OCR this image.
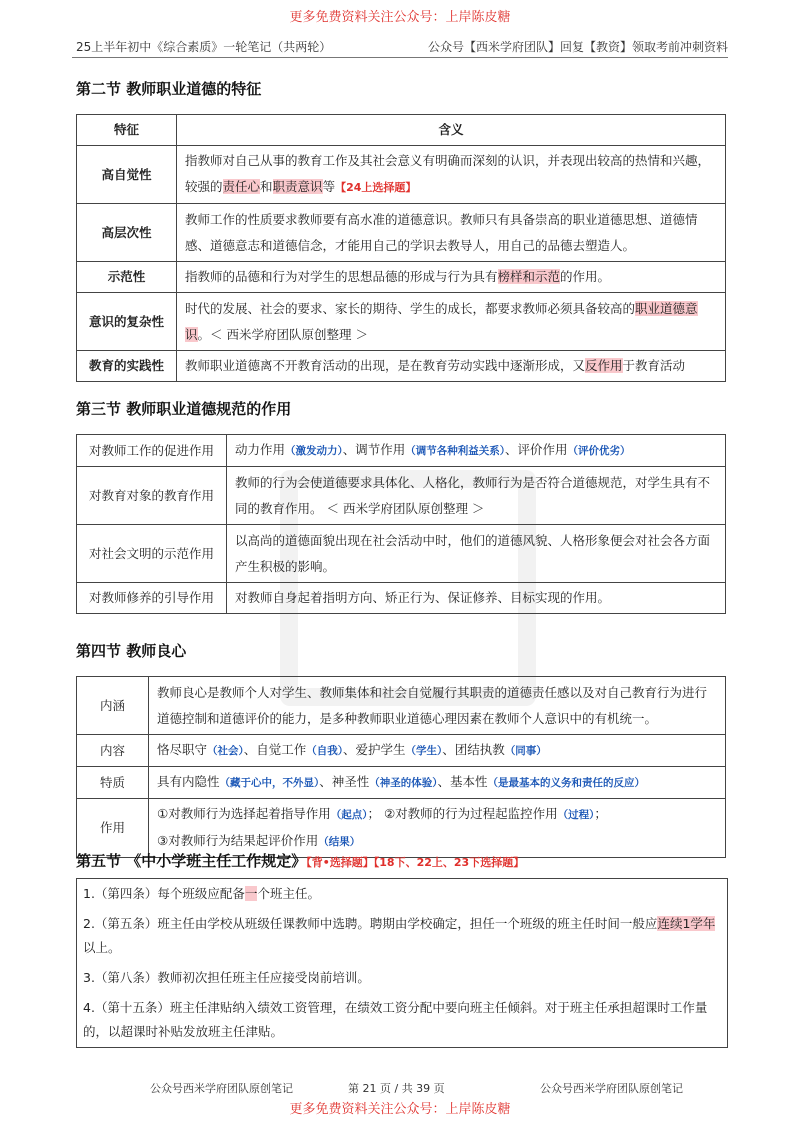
更多免费资料关注公众号：上岸陈皮糖
25上半年初中《综合素质》一轮笔记（共两轮）	公众号【西米学府团队】回复【教资】领取考前冲刺资料
第二节 教师职业道德的特征
特征	含义
高自觉性	指教师对自己从事的教育工作及其社会意义有明确而深刻的认识，并表现出较高的热情和兴趣，较强的责任心和职责意识等【24上选择题】
高层次性	教师工作的性质要求教师要有高水准的道德意识。教师只有具备崇高的职业道德思想、道德情感、道德意志和道德信念，才能用自己的学识去教导人，用自己的品德去塑造人。
示范性	指教师的品德和行为对学生的思想品德的形成与行为具有榜样和示范的作用。
意识的复杂性	时代的发展、社会的要求、家长的期待、学生的成长，都要求教师必须具备较高的职业道德意识。＜ 西米学府团队原创整理 ＞
教育的实践性	教师职业道德离不开教育活动的出现，是在教育劳动实践中逐渐形成，又反作用于教育活动
第三节 教师职业道德规范的作用
对教师工作的促进作用	动力作用（激发动力）、调节作用（调节各种利益关系）、评价作用（评价优劣）
对教育对象的教育作用	教师的行为会使道德要求具体化、人格化，教师行为是否符合道德规范，对学生具有不同的教育作用。 ＜ 西米学府团队原创整理 ＞
对社会文明的示范作用	以高尚的道德面貌出现在社会活动中时，他们的道德风貌、人格形象便会对社会各方面产生积极的影响。
对教师修养的引导作用	对教师自身起着指明方向、矫正行为、保证修养、目标实现的作用。
第四节 教师良心
内涵	教师良心是教师个人对学生、教师集体和社会自觉履行其职责的道德责任感以及对自己教育行为进行道德控制和道德评价的能力，是多种教师职业道德心理因素在教师个人意识中的有机统一。
内容	恪尽职守（社会）、自觉工作（自我）、爱护学生（学生）、团结执教（同事）
特质	具有内隐性（藏于心中，不外显）、神圣性（神圣的体验）、基本性（是最基本的义务和责任的反应）
作用	①对教师行为选择起着指导作用（起点）； ②对教师的行为过程起监控作用（过程）；
③对教师行为结果起评价作用（结果）
第五节 《中小学班主任工作规定》【背•选择题】【18下、22上、23下选择题】

1.（第四条）每个班级应配备一个班主任。

2.（第五条）班主任由学校从班级任课教师中选聘。聘期由学校确定，担任一个班级的班主任时间一般应连续1学年以上。

3.（第八条）教师初次担任班主任应接受岗前培训。

4.（第十五条）班主任津贴纳入绩效工资管理，在绩效工资分配中要向班主任倾斜。对于班主任承担超课时工作量的，以超课时补贴发放班主任津贴。

公众号西米学府团队原创笔记	第 21 页 / 共 39 页	公众号西米学府团队原创笔记
更多免费资料关注公众号：上岸陈皮糖
